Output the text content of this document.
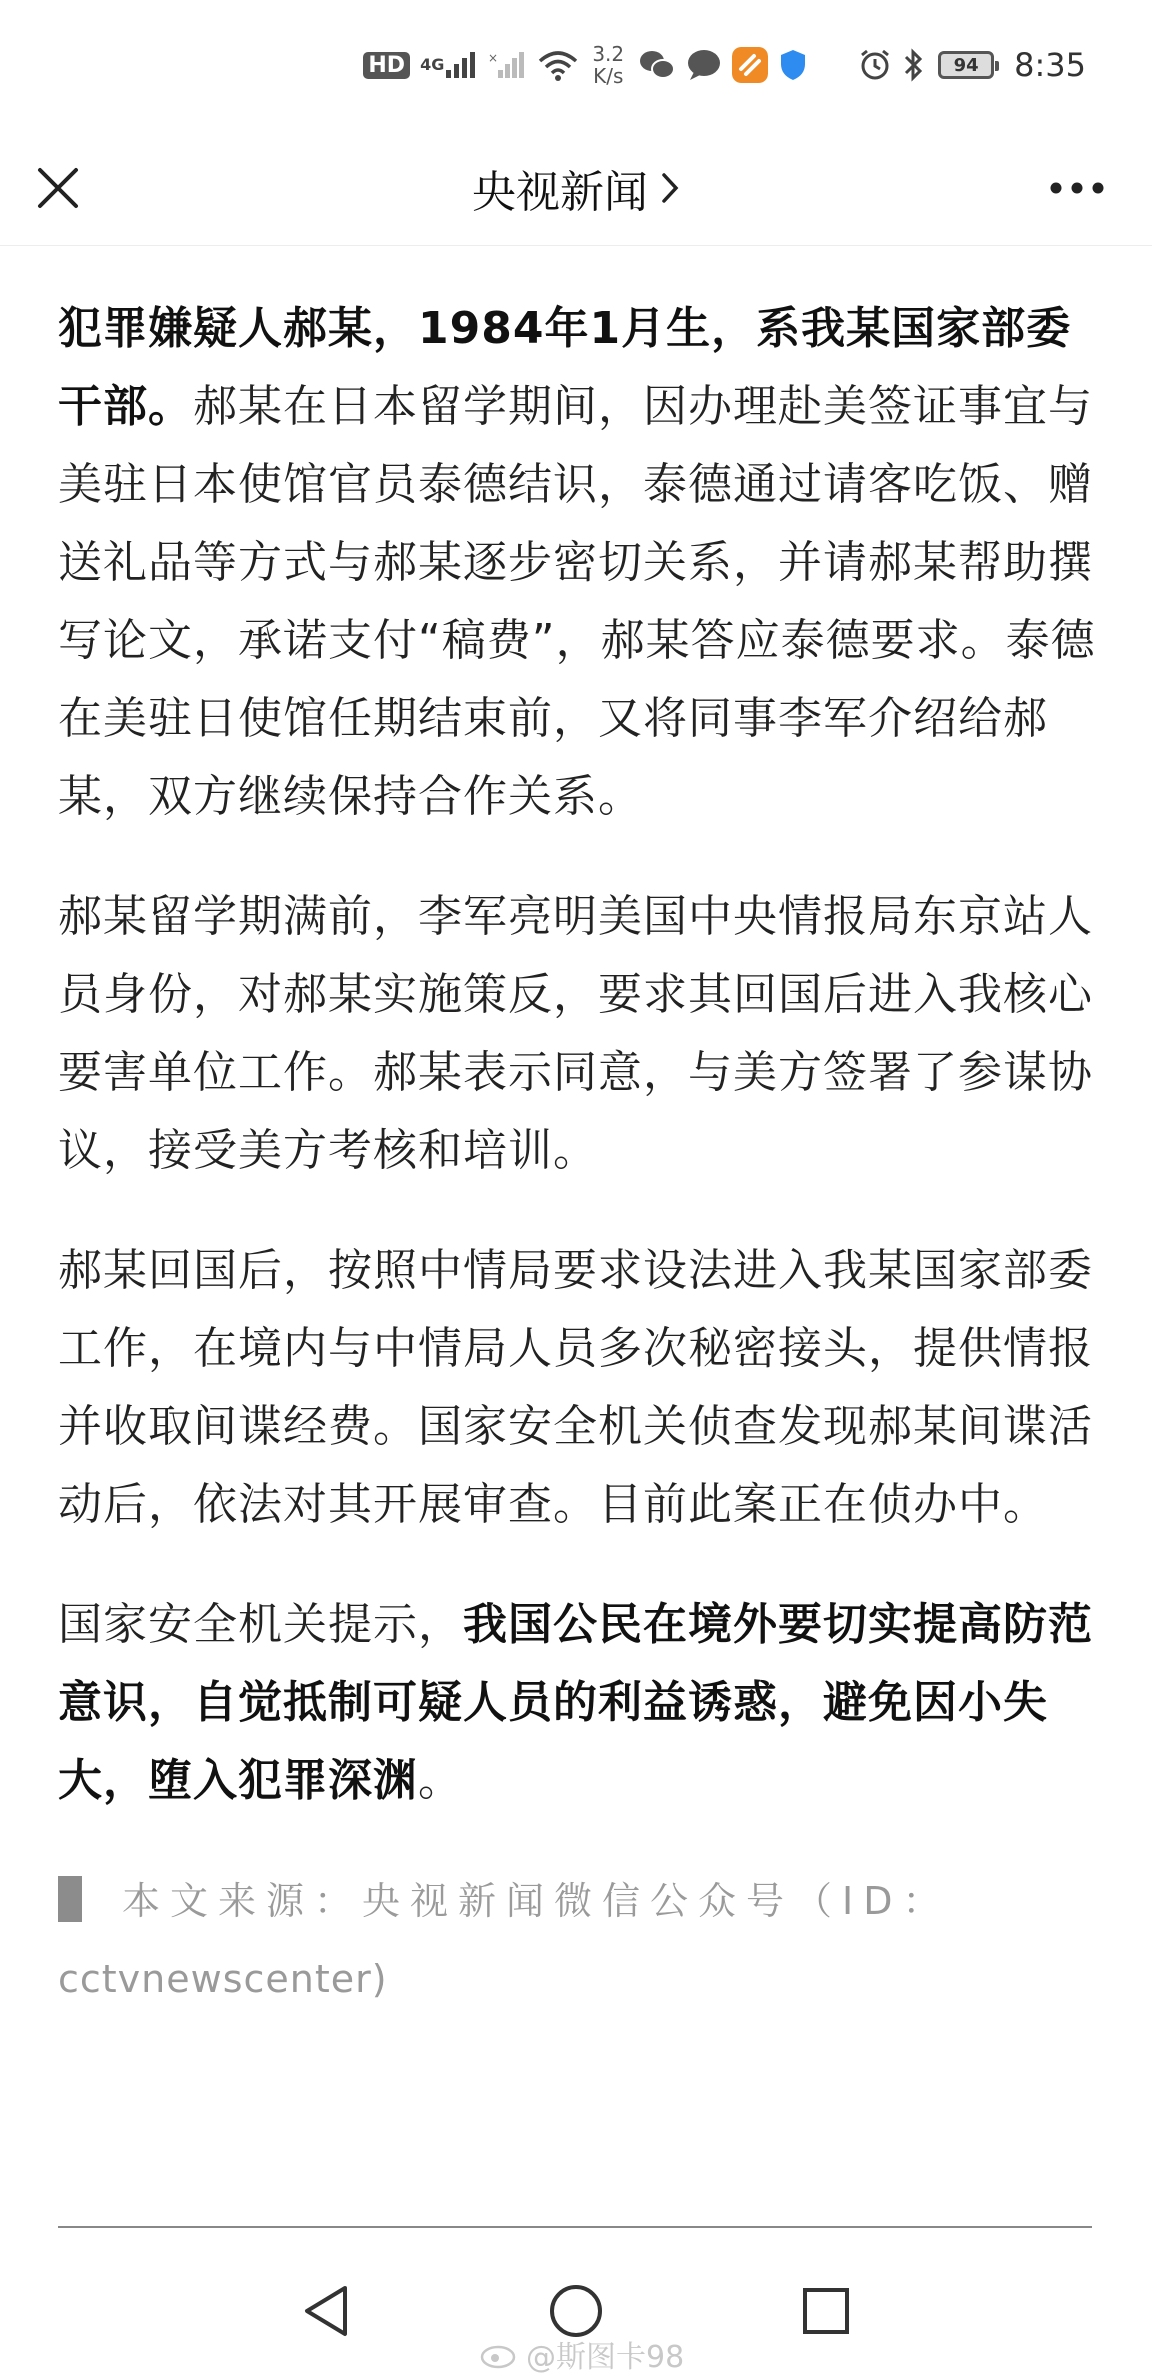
HD 4G	×	3.2
K/s	94	8:35
央视新闻

犯罪嫌疑人郝某，1984年1月生，系我某国家部委干部。郝某在日本留学期间，因办理赴美签证事宜与美驻日本使馆官员泰德结识，泰德通过请客吃饭、赠送礼品等方式与郝某逐步密切关系，并请郝某帮助撰写论文，承诺支付“稿费”，郝某答应泰德要求。泰德在美驻日使馆任期结束前，又将同事李军介绍给郝某，双方继续保持合作关系。

郝某留学期满前，李军亮明美国中央情报局东京站人员身份，对郝某实施策反，要求其回国后进入我核心要害单位工作。郝某表示同意，与美方签署了参谋协议，接受美方考核和培训。

郝某回国后，按照中情局要求设法进入我某国家部委工作，在境内与中情局人员多次秘密接头，提供情报并收取间谍经费。国家安全机关侦查发现郝某间谍活动后，依法对其开展审查。目前此案正在侦办中。

国家安全机关提示，我国公民在境外要切实提高防范意识，自觉抵制可疑人员的利益诱惑，避免因小失大，堕入犯罪深渊。

本文来源：央视新闻微信公众号（ID：
cctvnewscenter)
@斯图卡98
